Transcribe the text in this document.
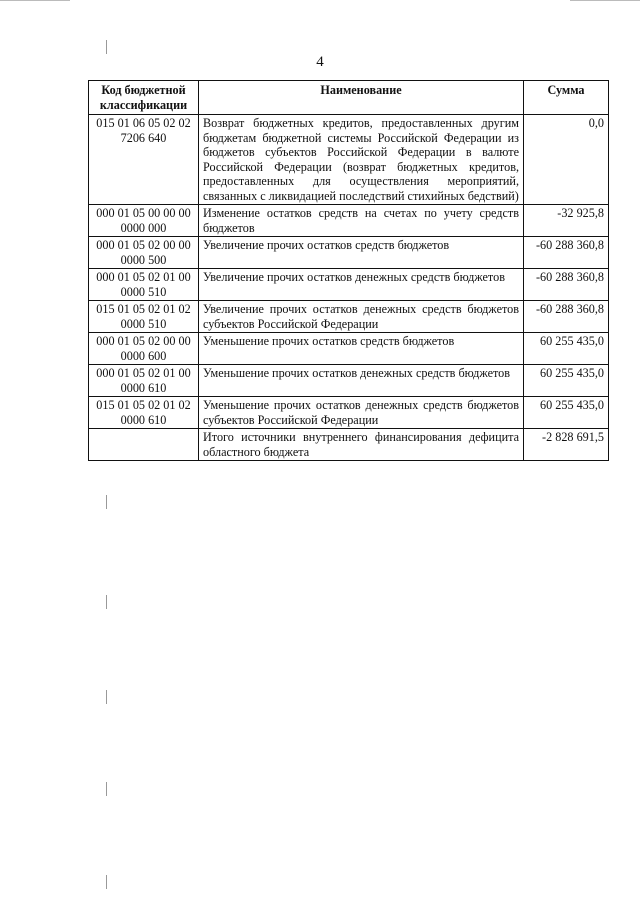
4
Код бюджетной классификации	Наименование	Сумма
015 01 06 05 02 02 7206 640	Возврат бюджетных кредитов, предоставленных другим бюджетам бюджетной системы Российской Федерации из бюджетов субъектов Российской Федерации в валюте Российской Федерации (возврат бюджетных кредитов, предоставленных для осуществления мероприятий, связанных с ликвидацией последствий стихийных бедствий)	0,0
000 01 05 00 00 00 0000 000	Изменение остатков средств на счетах по учету средств бюджетов	-32 925,8
000 01 05 02 00 00 0000 500	Увеличение прочих остатков средств бюджетов	-60 288 360,8
000 01 05 02 01 00 0000 510	Увеличение прочих остатков денежных средств бюджетов	-60 288 360,8
015 01 05 02 01 02 0000 510	Увеличение прочих остатков денежных средств бюджетов субъектов Российской Федерации	-60 288 360,8
000 01 05 02 00 00 0000 600	Уменьшение прочих остатков средств бюджетов	60 255 435,0
000 01 05 02 01 00 0000 610	Уменьшение прочих остатков денежных средств бюджетов	60 255 435,0
015 01 05 02 01 02 0000 610	Уменьшение прочих остатков денежных средств бюджетов субъектов Российской Федерации	60 255 435,0
	Итого источники внутреннего финансирования дефицита областного бюджета	-2 828 691,5
